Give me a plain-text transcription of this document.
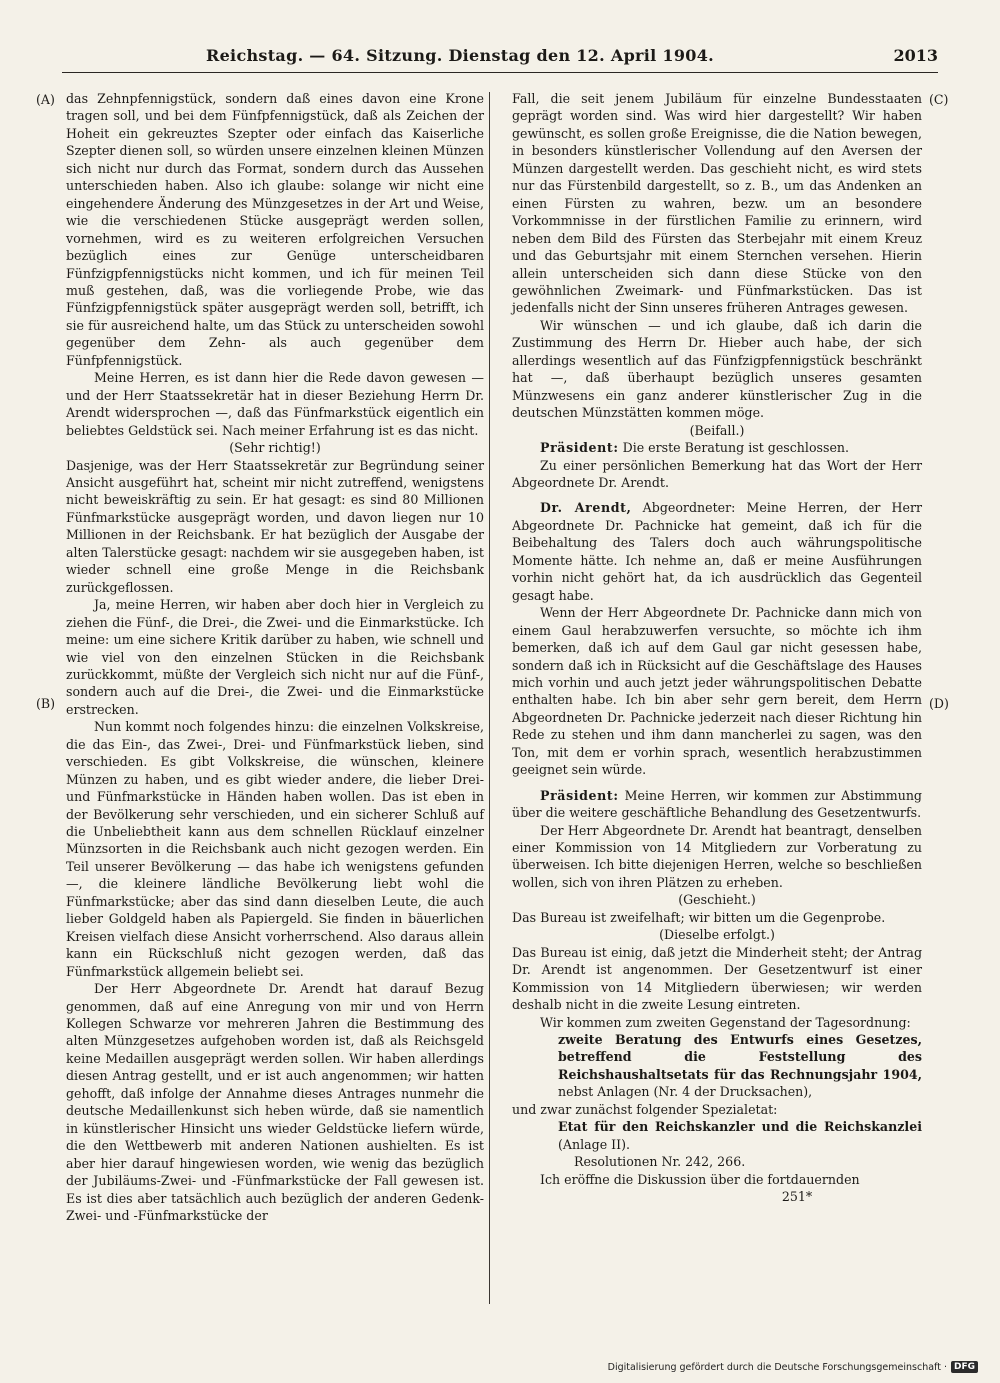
Reichstag. — 64. Sitzung. Dienstag den 12. April 1904.	2013
(A)
(B)
(C)
(D)

das Zehnpfennigstück, sondern daß eines davon eine Krone tragen soll, und bei dem Fünfpfennigstück, daß als Zeichen der Hoheit ein gekreuztes Szepter oder einfach das Kaiserliche Szepter dienen soll, so würden unsere einzelnen kleinen Münzen sich nicht nur durch das Format, sondern durch das Aussehen unterschieden haben. Also ich glaube: solange wir nicht eine eingehendere Änderung des Münzgesetzes in der Art und Weise, wie die verschiedenen Stücke ausgeprägt werden sollen, vornehmen, wird es zu weiteren erfolgreichen Versuchen bezüglich eines zur Genüge unterscheidbaren Fünfzigpfennigstücks nicht kommen, und ich für meinen Teil muß gestehen, daß, was die vorliegende Probe, wie das Fünfzigpfennigstück später ausgeprägt werden soll, betrifft, ich sie für ausreichend halte, um das Stück zu unterscheiden sowohl gegenüber dem Zehn- als auch gegenüber dem Fünfpfennigstück.

Meine Herren, es ist dann hier die Rede davon gewesen — und der Herr Staatssekretär hat in dieser Beziehung Herrn Dr. Arendt widersprochen —, daß das Fünfmarkstück eigentlich ein beliebtes Geldstück sei. Nach meiner Erfahrung ist es das nicht.

(Sehr richtig!)

Dasjenige, was der Herr Staatssekretär zur Begründung seiner Ansicht ausgeführt hat, scheint mir nicht zutreffend, wenigstens nicht beweiskräftig zu sein. Er hat gesagt: es sind 80 Millionen Fünfmarkstücke ausgeprägt worden, und davon liegen nur 10 Millionen in der Reichsbank. Er hat bezüglich der Ausgabe der alten Talerstücke gesagt: nachdem wir sie ausgegeben haben, ist wieder schnell eine große Menge in die Reichsbank zurückgeflossen.

Ja, meine Herren, wir haben aber doch hier in Vergleich zu ziehen die Fünf-, die Drei-, die Zwei- und die Einmarkstücke. Ich meine: um eine sichere Kritik darüber zu haben, wie schnell und wie viel von den einzelnen Stücken in die Reichsbank zurückkommt, müßte der Vergleich sich nicht nur auf die Fünf-, sondern auch auf die Drei-, die Zwei- und die Einmarkstücke erstrecken.

Nun kommt noch folgendes hinzu: die einzelnen Volkskreise, die das Ein-, das Zwei-, Drei- und Fünfmarkstück lieben, sind verschieden. Es gibt Volkskreise, die wünschen, kleinere Münzen zu haben, und es gibt wieder andere, die lieber Drei- und Fünfmarkstücke in Händen haben wollen. Das ist eben in der Bevölkerung sehr verschieden, und ein sicherer Schluß auf die Unbeliebtheit kann aus dem schnellen Rücklauf einzelner Münzsorten in die Reichsbank auch nicht gezogen werden. Ein Teil unserer Bevölkerung — das habe ich wenigstens gefunden —, die kleinere ländliche Bevölkerung liebt wohl die Fünfmarkstücke; aber das sind dann dieselben Leute, die auch lieber Goldgeld haben als Papiergeld. Sie finden in bäuerlichen Kreisen vielfach diese Ansicht vorherrschend. Also daraus allein kann ein Rückschluß nicht gezogen werden, daß das Fünfmarkstück allgemein beliebt sei.

Der Herr Abgeordnete Dr. Arendt hat darauf Bezug genommen, daß auf eine Anregung von mir und von Herrn Kollegen Schwarze vor mehreren Jahren die Bestimmung des alten Münzgesetzes aufgehoben worden ist, daß als Reichsgeld keine Medaillen ausgeprägt werden sollen. Wir haben allerdings diesen Antrag gestellt, und er ist auch angenommen; wir hatten gehofft, daß infolge der Annahme dieses Antrages nunmehr die deutsche Medaillenkunst sich heben würde, daß sie namentlich in künstlerischer Hinsicht uns wieder Geldstücke liefern würde, die den Wettbewerb mit anderen Nationen aushielten. Es ist aber hier darauf hingewiesen worden, wie wenig das bezüglich der Jubiläums-Zwei- und -Fünfmarkstücke der Fall gewesen ist. Es ist dies aber tatsächlich auch bezüglich der anderen Gedenk-Zwei- und -Fünfmarkstücke der

Fall, die seit jenem Jubiläum für einzelne Bundesstaaten geprägt worden sind. Was wird hier dargestellt? Wir haben gewünscht, es sollen große Ereignisse, die die Nation bewegen, in besonders künstlerischer Vollendung auf den Aversen der Münzen dargestellt werden. Das geschieht nicht, es wird stets nur das Fürstenbild dargestellt, so z. B., um das Andenken an einen Fürsten zu wahren, bezw. um an besondere Vorkommnisse in der fürstlichen Familie zu erinnern, wird neben dem Bild des Fürsten das Sterbejahr mit einem Kreuz und das Geburtsjahr mit einem Sternchen versehen. Hierin allein unterscheiden sich dann diese Stücke von den gewöhnlichen Zweimark- und Fünfmarkstücken. Das ist jedenfalls nicht der Sinn unseres früheren Antrages gewesen.

Wir wünschen — und ich glaube, daß ich darin die Zustimmung des Herrn Dr. Hieber auch habe, der sich allerdings wesentlich auf das Fünfzigpfennigstück beschränkt hat —, daß überhaupt bezüglich unseres gesamten Münzwesens ein ganz anderer künstlerischer Zug in die deutschen Münzstätten kommen möge.

(Beifall.)

Präsident: Die erste Beratung ist geschlossen.

Zu einer persönlichen Bemerkung hat das Wort der Herr Abgeordnete Dr. Arendt.

Dr. Arendt, Abgeordneter: Meine Herren, der Herr Abgeordnete Dr. Pachnicke hat gemeint, daß ich für die Beibehaltung des Talers doch auch währungspolitische Momente hätte. Ich nehme an, daß er meine Ausführungen vorhin nicht gehört hat, da ich ausdrücklich das Gegenteil gesagt habe.

Wenn der Herr Abgeordnete Dr. Pachnicke dann mich von einem Gaul herabzuwerfen versuchte, so möchte ich ihm bemerken, daß ich auf dem Gaul gar nicht gesessen habe, sondern daß ich in Rücksicht auf die Geschäftslage des Hauses mich vorhin und auch jetzt jeder währungspolitischen Debatte enthalten habe. Ich bin aber sehr gern bereit, dem Herrn Abgeordneten Dr. Pachnicke jederzeit nach dieser Richtung hin Rede zu stehen und ihm dann mancherlei zu sagen, was den Ton, mit dem er vorhin sprach, wesentlich herabzustimmen geeignet sein würde.

Präsident: Meine Herren, wir kommen zur Abstimmung über die weitere geschäftliche Behandlung des Gesetzentwurfs.

Der Herr Abgeordnete Dr. Arendt hat beantragt, denselben einer Kommission von 14 Mitgliedern zur Vorberatung zu überweisen. Ich bitte diejenigen Herren, welche so beschließen wollen, sich von ihren Plätzen zu erheben.

(Geschieht.)

Das Bureau ist zweifelhaft; wir bitten um die Gegenprobe.

(Dieselbe erfolgt.)

Das Bureau ist einig, daß jetzt die Minderheit steht; der Antrag Dr. Arendt ist angenommen. Der Gesetzentwurf ist einer Kommission von 14 Mitgliedern überwiesen; wir werden deshalb nicht in die zweite Lesung eintreten.

Wir kommen zum zweiten Gegenstand der Tagesordnung:

zweite Beratung des Entwurfs eines Gesetzes, betreffend die Feststellung des Reichshaushaltsetats für das Rechnungsjahr 1904, nebst Anlagen (Nr. 4 der Drucksachen),

und zwar zunächst folgender Spezialetat:

Etat für den Reichskanzler und die Reichskanzlei (Anlage II).

Resolutionen Nr. 242, 266.

Ich eröffne die Diskussion über die fortdauernden

251*

Digitalisierung gefördert durch die Deutsche Forschungsgemeinschaft · DFG
